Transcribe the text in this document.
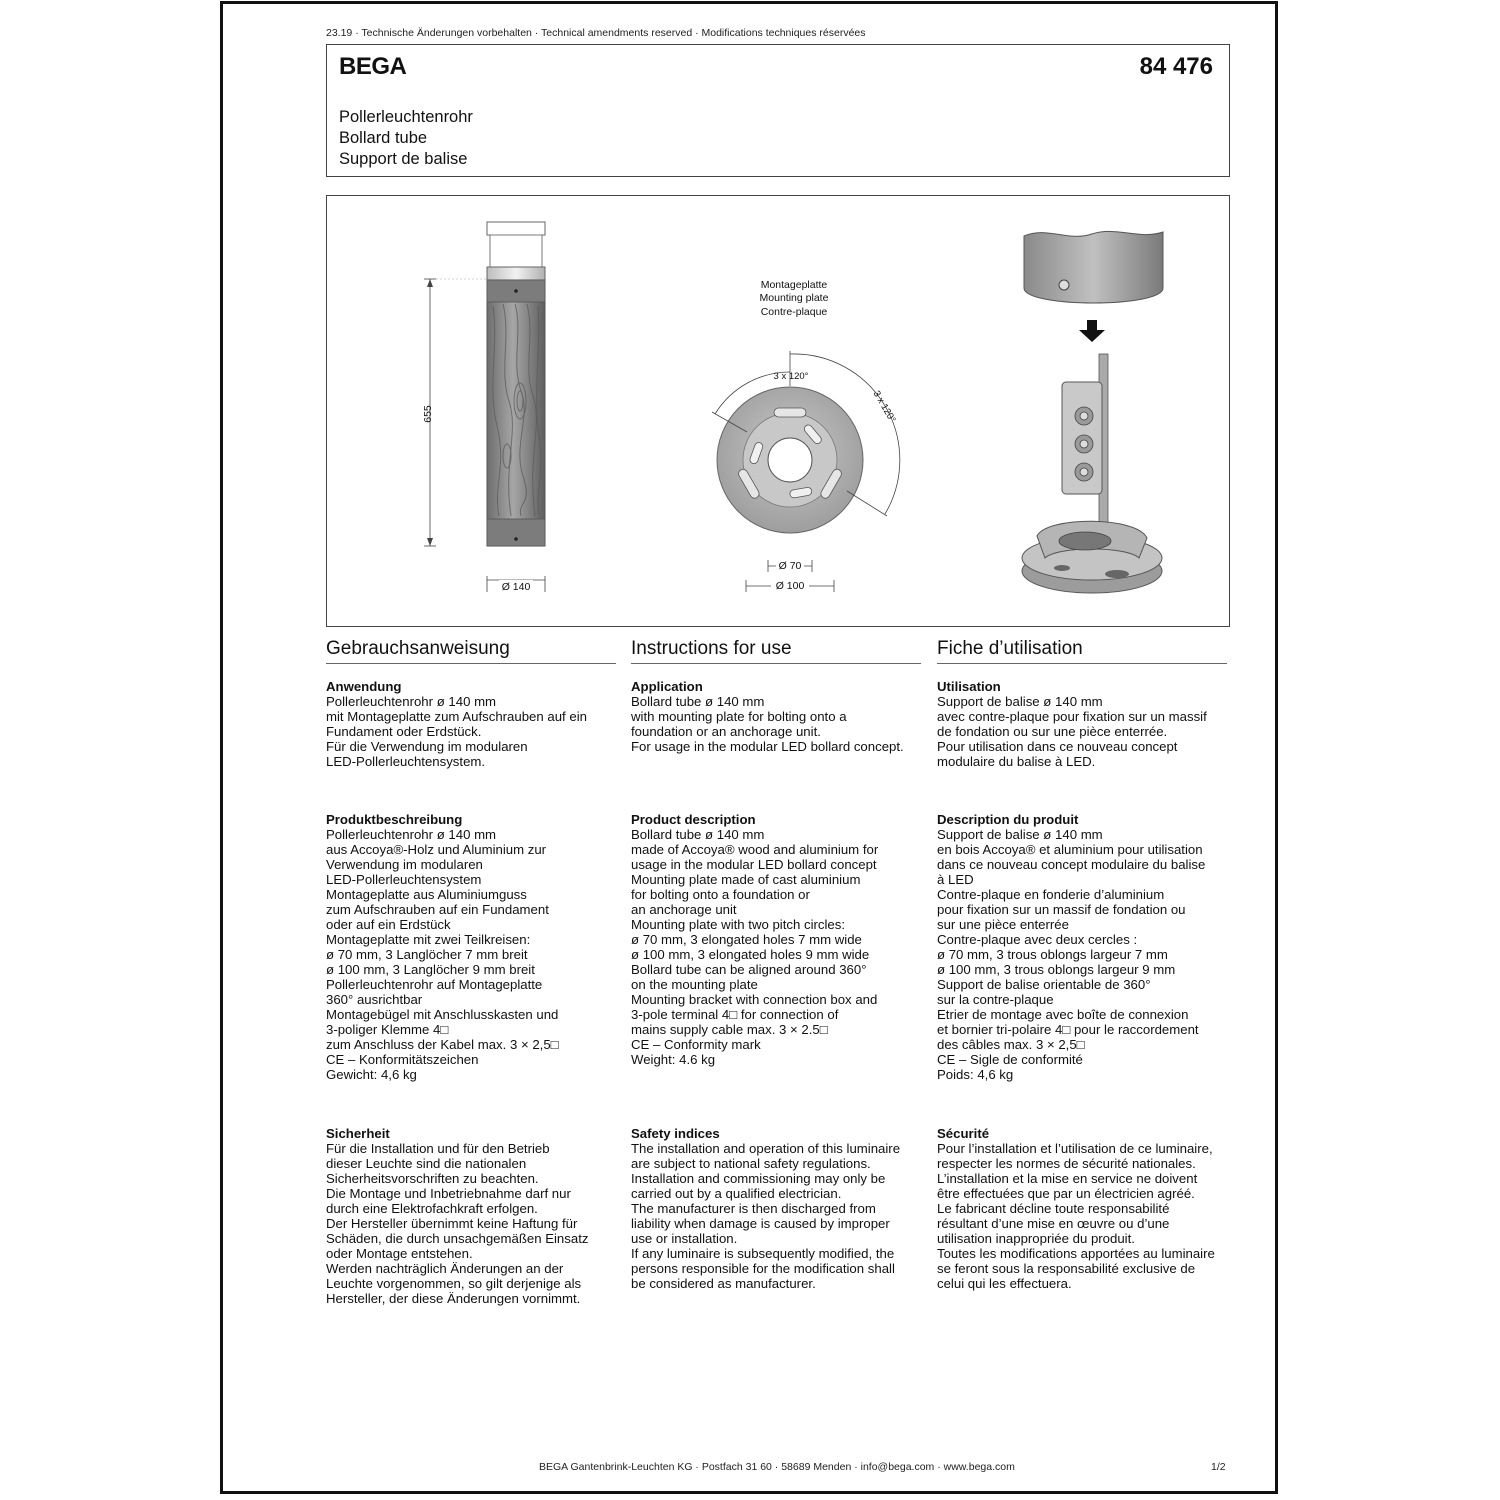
23.19 · Technische Änderungen vorbehalten · Technical amendments reserved · Modifications techniques réservées
BEGA	84 476
Pollerleuchtenrohr
Bollard tube
Support de balise
655
Ø 140
Montageplatte
Mounting plate
Contre-plaque
3 x 120°
3 x 120°
Ø 70
Ø 100
Gebrauchsanweisung
Anwendung
Pollerleuchtenrohr ø 140 mm
mit Montageplatte zum Aufschrauben auf ein
Fundament oder Erdstück.
Für die Verwendung im modularen
LED-Pollerleuchtensystem.
Produktbeschreibung
Pollerleuchtenrohr ø 140 mm
aus Accoya®-Holz und Aluminium zur
Verwendung im modularen
LED-Pollerleuchtensystem
Montageplatte aus Aluminiumguss
zum Aufschrauben auf ein Fundament
oder auf ein Erdstück
Montageplatte mit zwei Teilkreisen:
ø 70 mm, 3 Langlöcher 7 mm breit
ø 100 mm, 3 Langlöcher 9 mm breit
Pollerleuchtenrohr auf Montageplatte
360° ausrichtbar
Montagebügel mit Anschlusskasten und
3-poliger Klemme 4□
zum Anschluss der Kabel max. 3 × 2,5□
CE – Konformitätszeichen
Gewicht: 4,6 kg
Sicherheit
Für die Installation und für den Betrieb
dieser Leuchte sind die nationalen
Sicherheitsvorschriften zu beachten.
Die Montage und Inbetriebnahme darf nur
durch eine Elektrofachkraft erfolgen.
Der Hersteller übernimmt keine Haftung für
Schäden, die durch unsachgemäßen Einsatz
oder Montage entstehen.
Werden nachträglich Änderungen an der
Leuchte vorgenommen, so gilt derjenige als
Hersteller, der diese Änderungen vornimmt.
Instructions for use
Application
Bollard tube ø 140 mm
with mounting plate for bolting onto a
foundation or an anchorage unit.
For usage in the modular LED bollard concept.
Product description
Bollard tube ø 140 mm
made of Accoya® wood and aluminium for
usage in the modular LED bollard concept
Mounting plate made of cast aluminium
for bolting onto a foundation or
an anchorage unit
Mounting plate with two pitch circles:
ø 70 mm, 3 elongated holes 7 mm wide
ø 100 mm, 3 elongated holes 9 mm wide
Bollard tube can be aligned around 360°
on the mounting plate
Mounting bracket with connection box and
3-pole terminal 4□ for connection of
mains supply cable max. 3 × 2.5□
CE – Conformity mark
Weight: 4.6 kg
Safety indices
The installation and operation of this luminaire
are subject to national safety regulations.
Installation and commissioning may only be
carried out by a qualified electrician.
The manufacturer is then discharged from
liability when damage is caused by improper
use or installation.
If any luminaire is subsequently modified, the
persons responsible for the modification shall
be considered as manufacturer.
Fiche d’utilisation
Utilisation
Support de balise ø 140 mm
avec contre-plaque pour fixation sur un massif
de fondation ou sur une pièce enterrée.
Pour utilisation dans ce nouveau concept
modulaire du balise à LED.
Description du produit
Support de balise ø 140 mm
en bois Accoya® et aluminium pour utilisation
dans ce nouveau concept modulaire du balise
à LED
Contre-plaque en fonderie d’aluminium
pour fixation sur un massif de fondation ou
sur une pièce enterrée
Contre-plaque avec deux cercles :
ø 70 mm, 3 trous oblongs largeur 7 mm
ø 100 mm, 3 trous oblongs largeur 9 mm
Support de balise orientable de 360°
sur la contre-plaque
Etrier de montage avec boîte de connexion
et bornier tri-polaire 4□ pour le raccordement
des câbles max. 3 × 2,5□
CE – Sigle de conformité
Poids: 4,6 kg
Sécurité
Pour l’installation et l’utilisation de ce luminaire,
respecter les normes de sécurité nationales.
L’installation et la mise en service ne doivent
être effectuées que par un électricien agréé.
Le fabricant décline toute responsabilité
résultant d’une mise en œuvre ou d’une
utilisation inappropriée du produit.
Toutes les modifications apportées au luminaire
se feront sous la responsabilité exclusive de
celui qui les effectuera.
BEGA Gantenbrink-Leuchten KG · Postfach 31 60 · 58689 Menden · info@bega.com · www.bega.com	1/2
